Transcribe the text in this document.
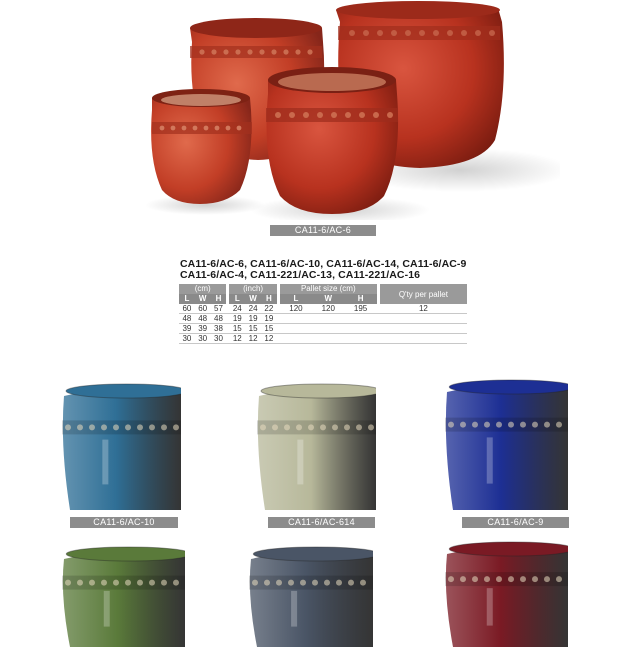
CA11-6/AC-6
CA11-6/AC-6, CA11-6/AC-10, CA11-6/AC-14, CA11-6/AC-9
CA11-6/AC-4, CA11-221/AC-13, CA11-221/AC-16
(cm)				(inch)				Pallet size (cm)				Q'ty per pallet
L	W	H		L	W	H		L	W	H		
60	60	57		24	24	22		120	120	195		12
48	48	48		19	19	19						
39	39	38		15	15	15						
30	30	30		12	12	12						
CA11-6/AC-10	CA11-6/AC-614	CA11-6/AC-9
